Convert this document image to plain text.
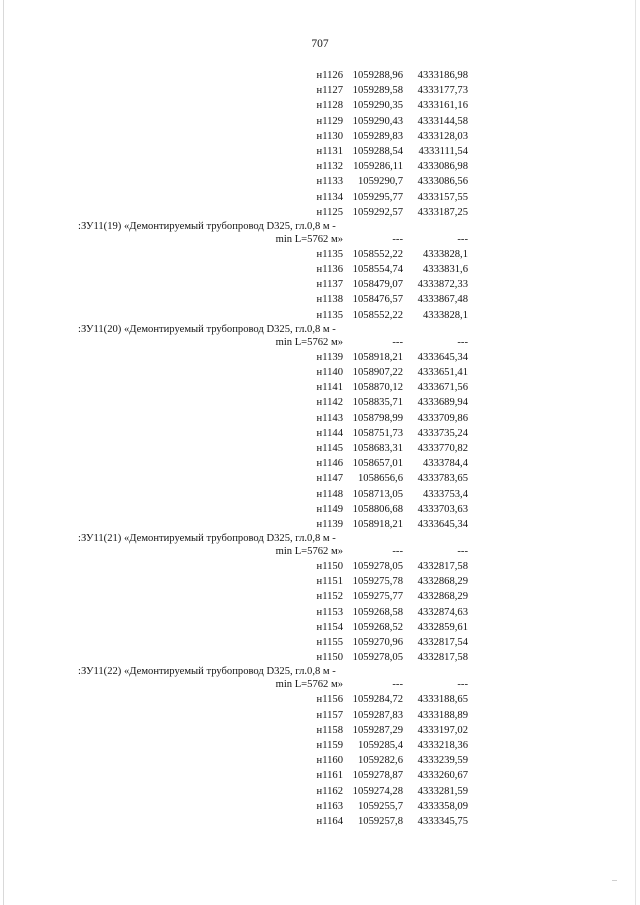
707
н1126 1059288,96	4333186,98
н1127 1059289,58	4333177,73
н1128 1059290,35	4333161,16
н1129 1059290,43	4333144,58
н1130 1059289,83	4333128,03
н1131 1059288,54	4333111,54
н1132 1059286,11	4333086,98
н1133	1059290,7	4333086,56
н1134 1059295,77	4333157,55
н1125 1059292,57	4333187,25
:ЗУ11(19) «Демонтируемый трубопровод D325, гл.0,8 м -
min L=5762 м»	---	---
н1135 1058552,22	4333828,1
н1136 1058554,74	4333831,6
н1137 1058479,07	4333872,33
н1138 1058476,57	4333867,48
н1135 1058552,22	4333828,1
:ЗУ11(20) «Демонтируемый трубопровод D325, гл.0,8 м -
min L=5762 м»	---	---
н1139 1058918,21	4333645,34
н1140 1058907,22	4333651,41
н1141 1058870,12	4333671,56
н1142 1058835,71	4333689,94
н1143 1058798,99	4333709,86
н1144 1058751,73	4333735,24
н1145 1058683,31	4333770,82
н1146 1058657,01	4333784,4
н1147	1058656,6	4333783,65
н1148 1058713,05	4333753,4
н1149 1058806,68	4333703,63
н1139 1058918,21	4333645,34
:ЗУ11(21) «Демонтируемый трубопровод D325, гл.0,8 м -
min L=5762 м»	---	---
н1150 1059278,05	4332817,58
н1151 1059275,78	4332868,29
н1152 1059275,77	4332868,29
н1153 1059268,58	4332874,63
н1154 1059268,52	4332859,61
н1155 1059270,96	4332817,54
н1150 1059278,05	4332817,58
:ЗУ11(22) «Демонтируемый трубопровод D325, гл.0,8 м -
min L=5762 м»	---	---
н1156 1059284,72	4333188,65
н1157 1059287,83	4333188,89
н1158 1059287,29	4333197,02
н1159	1059285,4	4333218,36
н1160	1059282,6	4333239,59
н1161 1059278,87	4333260,67
н1162 1059274,28	4333281,59
н1163	1059255,7	4333358,09
н1164	1059257,8	4333345,75
